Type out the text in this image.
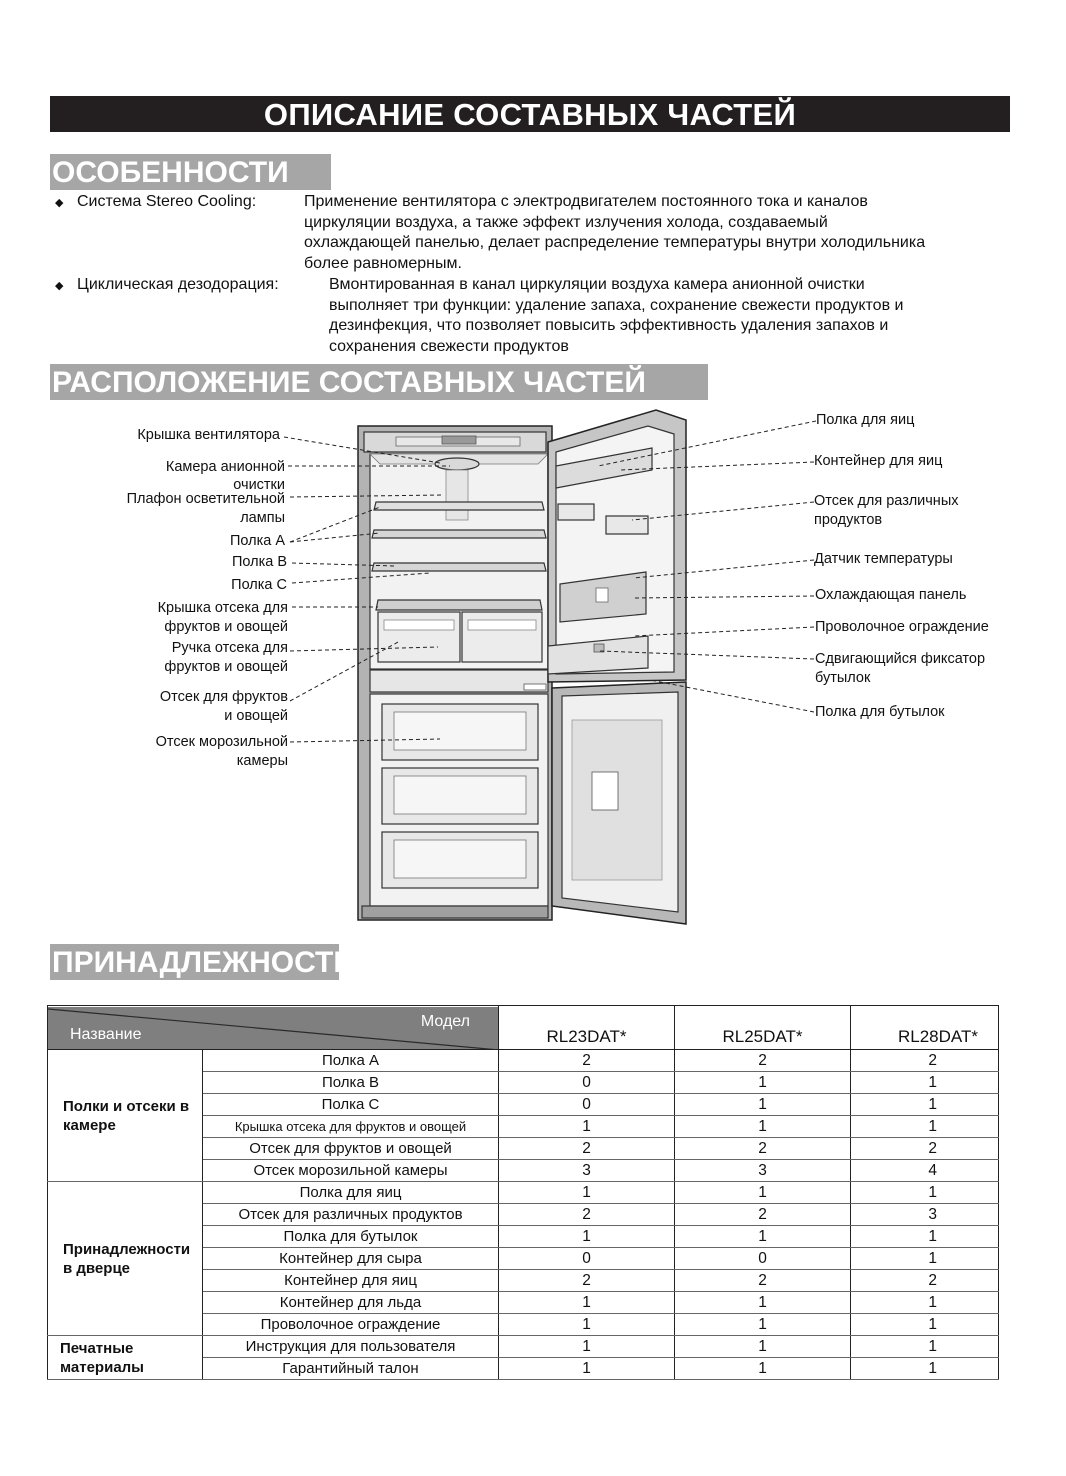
ОПИСАНИЕ СОСТАВНЫХ ЧАСТЕЙ
ОСОБЕННОСТИ
◆ Система Stereo Cooling:	Применение вентилятора с электродвигателем постоянного тока и каналов
циркуляции воздуха, а также эффект излучения холода, создаваемый
охлаждающей панелью, делает распределение температуры внутри холодильника
более равномерным.
◆ Циклическая дезодорация:	Вмонтированная в канал циркуляции воздуха камера анионной очистки
выполняет три функции: удаление запаха, сохранение свежести продуктов и
дезинфекция, что позволяет повысить эффективность удаления запахов и
сохранения свежести продуктов
РАСПОЛОЖЕНИЕ СОСТАВНЫХ ЧАСТЕЙ
Крышка вентилятора
Камера анионной
очистки
Плафон осветительной
лампы
Полка A
Полка B
Полка C
Крышка отсека для
фруктов и овощей
Ручка отсека для
фруктов и овощей
Отсек для фруктов
и овощей
Отсек морозильной
камеры
Полка для яиц
Контейнер для яиц
Отсек для различных
продуктов
Датчик температуры
Охлаждающая панель
Проволочное ограждение
Сдвигающийся фиксатор
бутылок
Полка для бутылок
ПРИНАДЛЕЖНОСТИ
Модел
Название		RL23DAT*	RL25DAT*	RL28DAT*
Полки и отсеки в камере	Полка A	2	2	2
	Полка B	0	1	1
	Полка C	0	1	1
	Крышка отсека для фруктов и овощей	1	1	1
	Отсек для фруктов и овощей	2	2	2
	Отсек морозильной камеры	3	3	4
Принадлежности в дверце	Полка для яиц	1	1	1
	Отсек для различных продуктов	2	2	3
	Полка для бутылок	1	1	1
	Контейнер для сыра	0	0	1
	Контейнер для яиц	2	2	2
	Контейнер для льда	1	1	1
	Проволочное ограждение	1	1	1
Печатные материалы	Инструкция для пользователя	1	1	1
	Гарантийный талон	1	1	1
